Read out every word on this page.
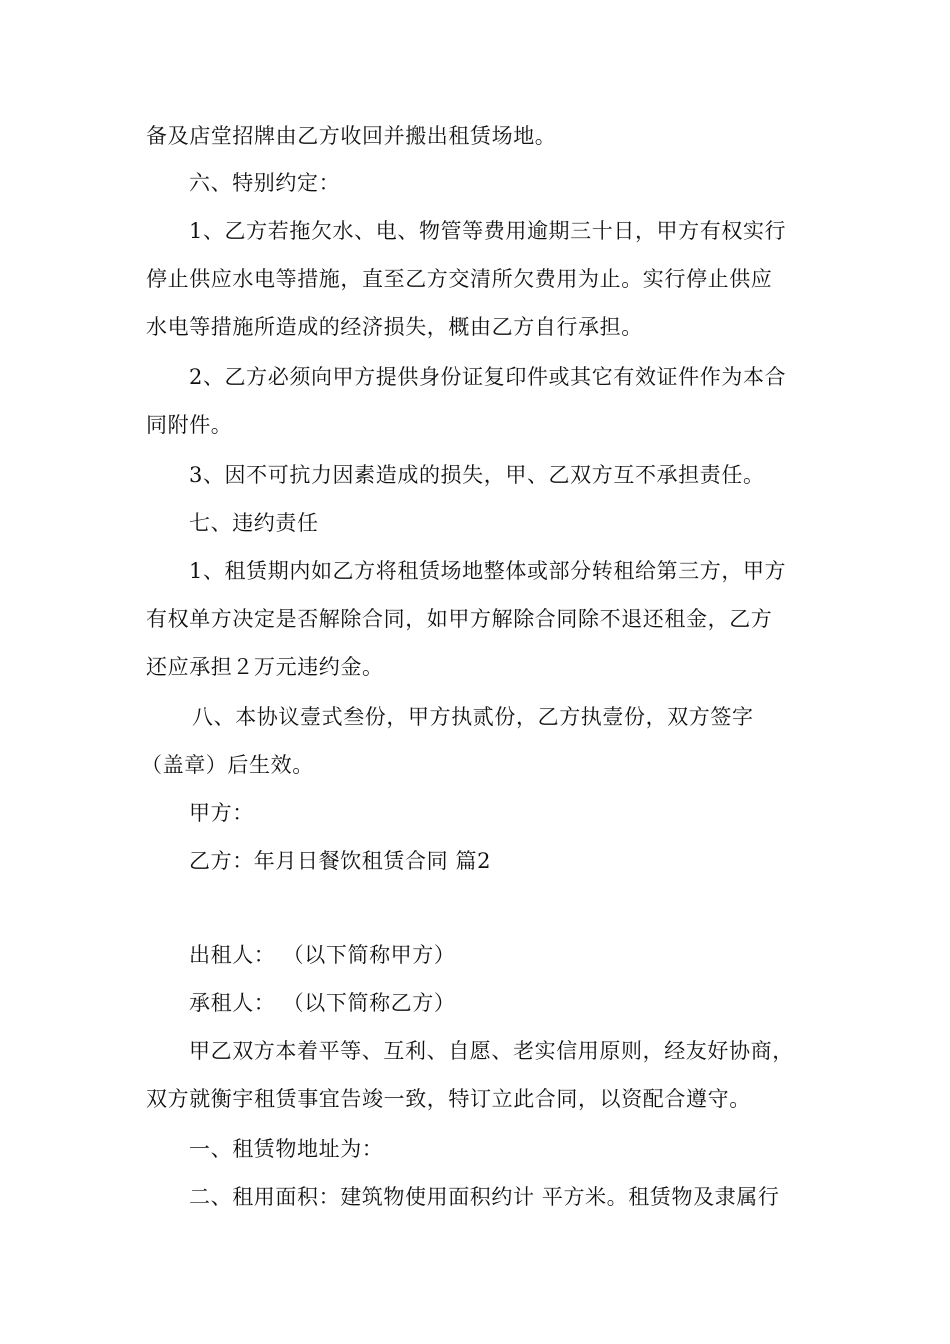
备及店堂招牌由乙方收回并搬出租赁场地。
六、特别约定：
1、乙方若拖欠水、电、物管等费用逾期三十日，甲方有权实行
停止供应水电等措施，直至乙方交清所欠费用为止。实行停止供应
水电等措施所造成的经济损失，概由乙方自行承担。
2、乙方必须向甲方提供身份证复印件或其它有效证件作为本合
同附件。
3、因不可抗力因素造成的损失，甲、乙双方互不承担责任。
七、违约责任
1、租赁期内如乙方将租赁场地整体或部分转租给第三方，甲方
有权单方决定是否解除合同，如甲方解除合同除不退还租金，乙方
还应承担２万元违约金。
八、本协议壹式叁份，甲方执贰份，乙方执壹份，双方签字
（盖章）后生效。
甲方：
乙方：年月日餐饮租赁合同 篇2
出租人： （以下简称甲方）
承租人： （以下简称乙方）
甲乙双方本着平等、互利、自愿、老实信用原则，经友好协商，
双方就衡宇租赁事宜告竣一致，特订立此合同，以资配合遵守。
一、租赁物地址为：
二、租用面积：建筑物使用面积约计 平方米。租赁物及隶属行
